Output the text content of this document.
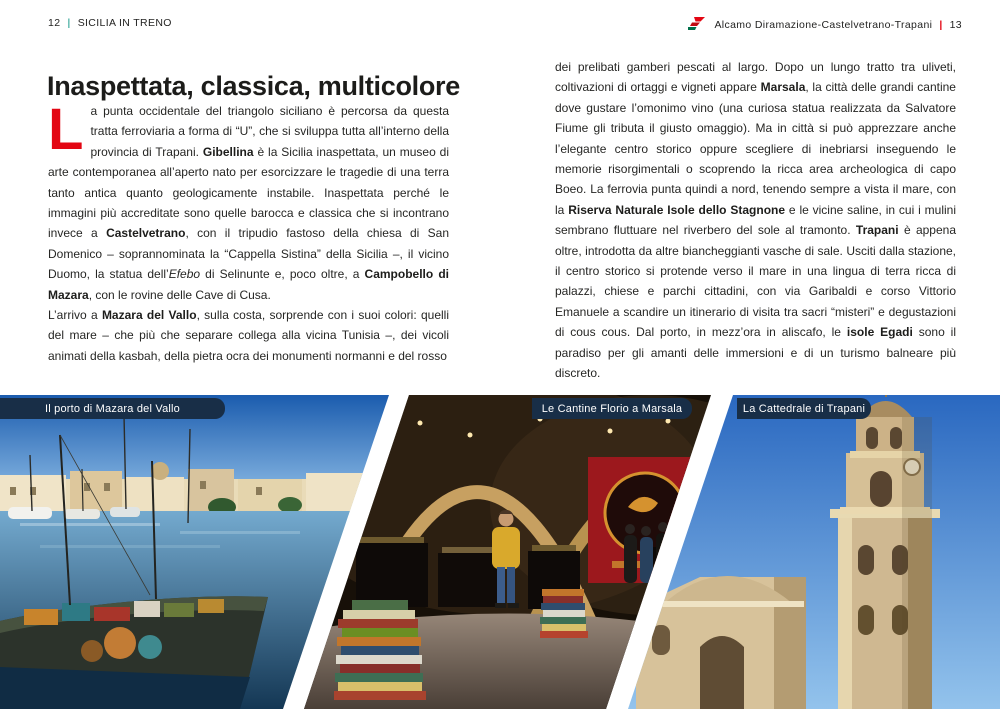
12 | SICILIA IN TRENO	Alcamo Diramazione-Castelvetrano-Trapani | 13
Inaspettata, classica, multicolore

La punta occidentale del triangolo siciliano è percorsa da questa tratta ferroviaria a forma di “U”, che si sviluppa tutta all’interno della provincia di Trapani. Gibellina è la Sicilia inaspettata, un museo di arte contemporanea all’aperto nato per esorcizzare le tragedie di una terra tanto antica quanto geologicamente instabile. Inaspettata perché le immagini più accreditate sono quelle barocca e classica che si incontrano invece a Castelvetrano, con il tripudio fastoso della chiesa di San Domenico – soprannominata la “Cappella Sistina” della Sicilia –, il vicino Duomo, la statua dell’Efebo di Selinunte e, poco oltre, a Campobello di Mazara, con le rovine delle Cave di Cusa.

L’arrivo a Mazara del Vallo, sulla costa, sorprende con i suoi colori: quelli del mare – che più che separare collega alla vicina Tunisia –, dei vicoli animati della kasbah, della pietra ocra dei monumenti normanni e del rosso

dei prelibati gamberi pescati al largo. Dopo un lungo tratto tra uliveti, coltivazioni di ortaggi e vigneti appare Marsala, la città delle grandi cantine dove gustare l’omonimo vino (una curiosa statua realizzata da Salvatore Fiume gli tributa il giusto omaggio). Ma in città si può apprezzare anche l’elegante centro storico oppure scegliere di inebriarsi inseguendo le memorie risorgimentali o scoprendo la ricca area archeologica di capo Boeo. La ferrovia punta quindi a nord, tenendo sempre a vista il mare, con la Riserva Naturale Isole dello Stagnone e le vicine saline, in cui i mulini sembrano fluttuare nel riverbero del sole al tramonto. Trapani è appena oltre, introdotta da altre biancheggianti vasche di sale. Usciti dalla stazione, il centro storico si protende verso il mare in una lingua di terra ricca di palazzi, chiese e parchi cittadini, con via Garibaldi e corso Vittorio Emanuele a scandire un itinerario di visita tra sacri “misteri” e degustazioni di cous cous. Dal porto, in mezz’ora in aliscafo, le isole Egadi sono il paradiso per gli amanti delle immersioni e di un turismo balneare più discreto.

Il porto di Mazara del Vallo	Le Cantine Florio a Marsala	La Cattedrale di Trapani
